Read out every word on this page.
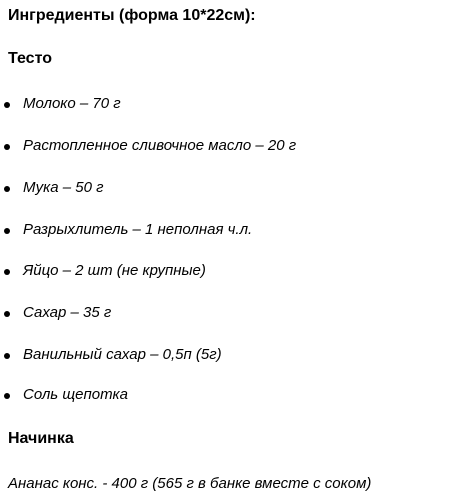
Ингредиенты (форма 10*22см):
Тесто
Молоко – 70 г
Растопленное сливочное масло – 20 г
Мука – 50 г
Разрыхлитель – 1 неполная ч.л.
Яйцо – 2 шт (не крупные)
Сахар – 35 г
Ванильный сахар – 0,5п (5г)
Соль щепотка
Начинка
Ананас конс. - 400 г (565 г в банке вместе с соком)
